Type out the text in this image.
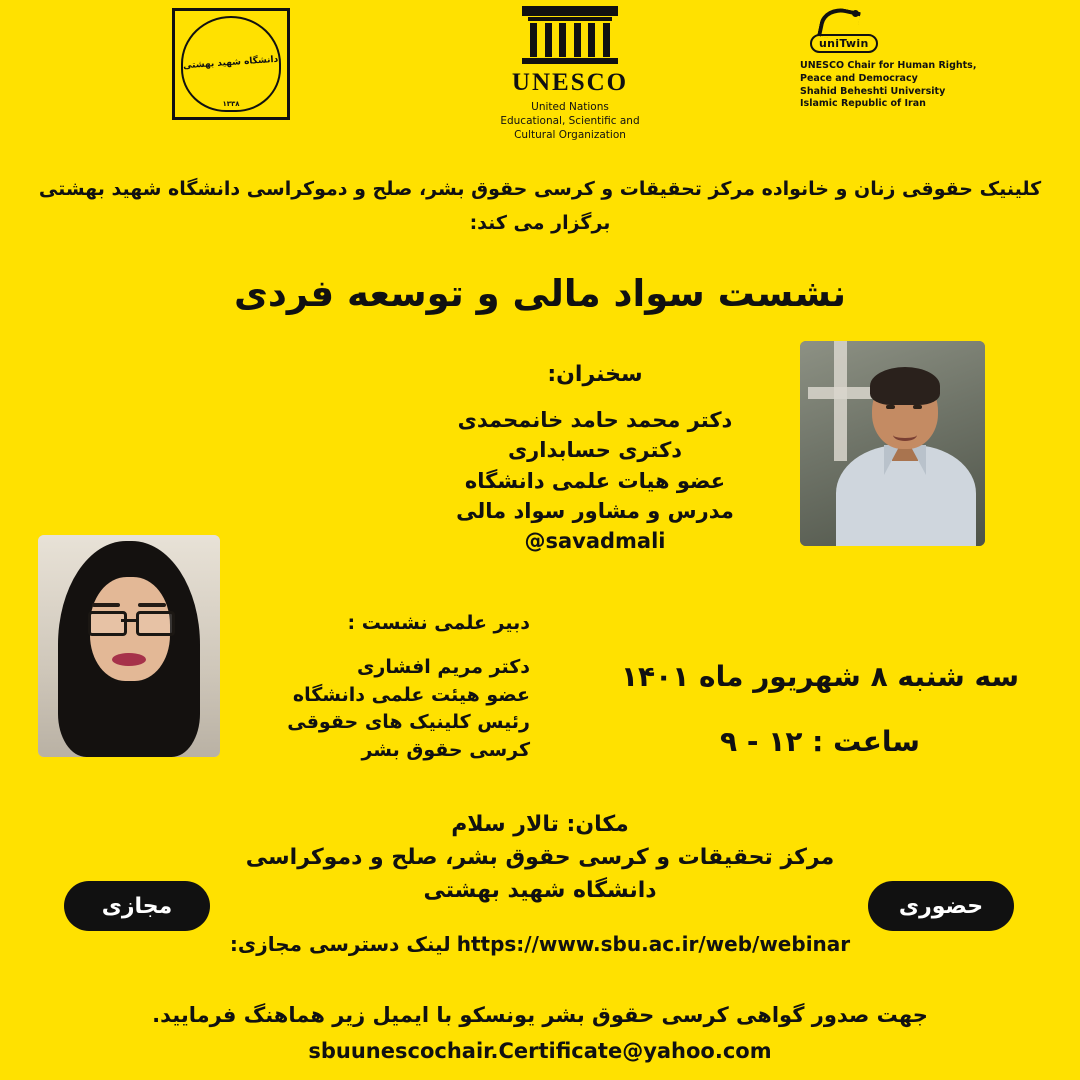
دانشگاه شهید بهشتی
۱۳۳۸
UNESCO
United Nations
Educational, Scientific and
Cultural Organization
uniTwin
UNESCO Chair for Human Rights,
Peace and Democracy
Shahid Beheshti University
Islamic Republic of Iran
کلینیک حقوقی زنان و خانواده مرکز تحقیقات و کرسی حقوق بشر، صلح و دموکراسی دانشگاه شهید بهشتی
برگزار می کند:
نشست سواد مالی و توسعه فردی
سخنران:
دکتر محمد حامد خانمحمدی
دکتری حسابداری
عضو هیات علمی دانشگاه
مدرس و مشاور سواد مالی
@savadmali
دبیر علمی نشست :
دکتر مریم افشاری
عضو هیئت علمی دانشگاه
رئیس کلینیک های حقوقی کرسی حقوق بشر
سه شنبه ۸ شهریور ماه ۱۴۰۱
ساعت : ۱۲ - ۹
مکان: تالار سلام
مرکز تحقیقات و کرسی حقوق بشر، صلح و دموکراسی
دانشگاه شهید بهشتی
مجازی	حضوری
https://www.sbu.ac.ir/web/webinarلینک دسترسی مجازی:
جهت صدور گواهی کرسی حقوق بشر یونسکو با ایمیل زیر هماهنگ فرمایید.
sbuunescochair.Certificate@yahoo.com
